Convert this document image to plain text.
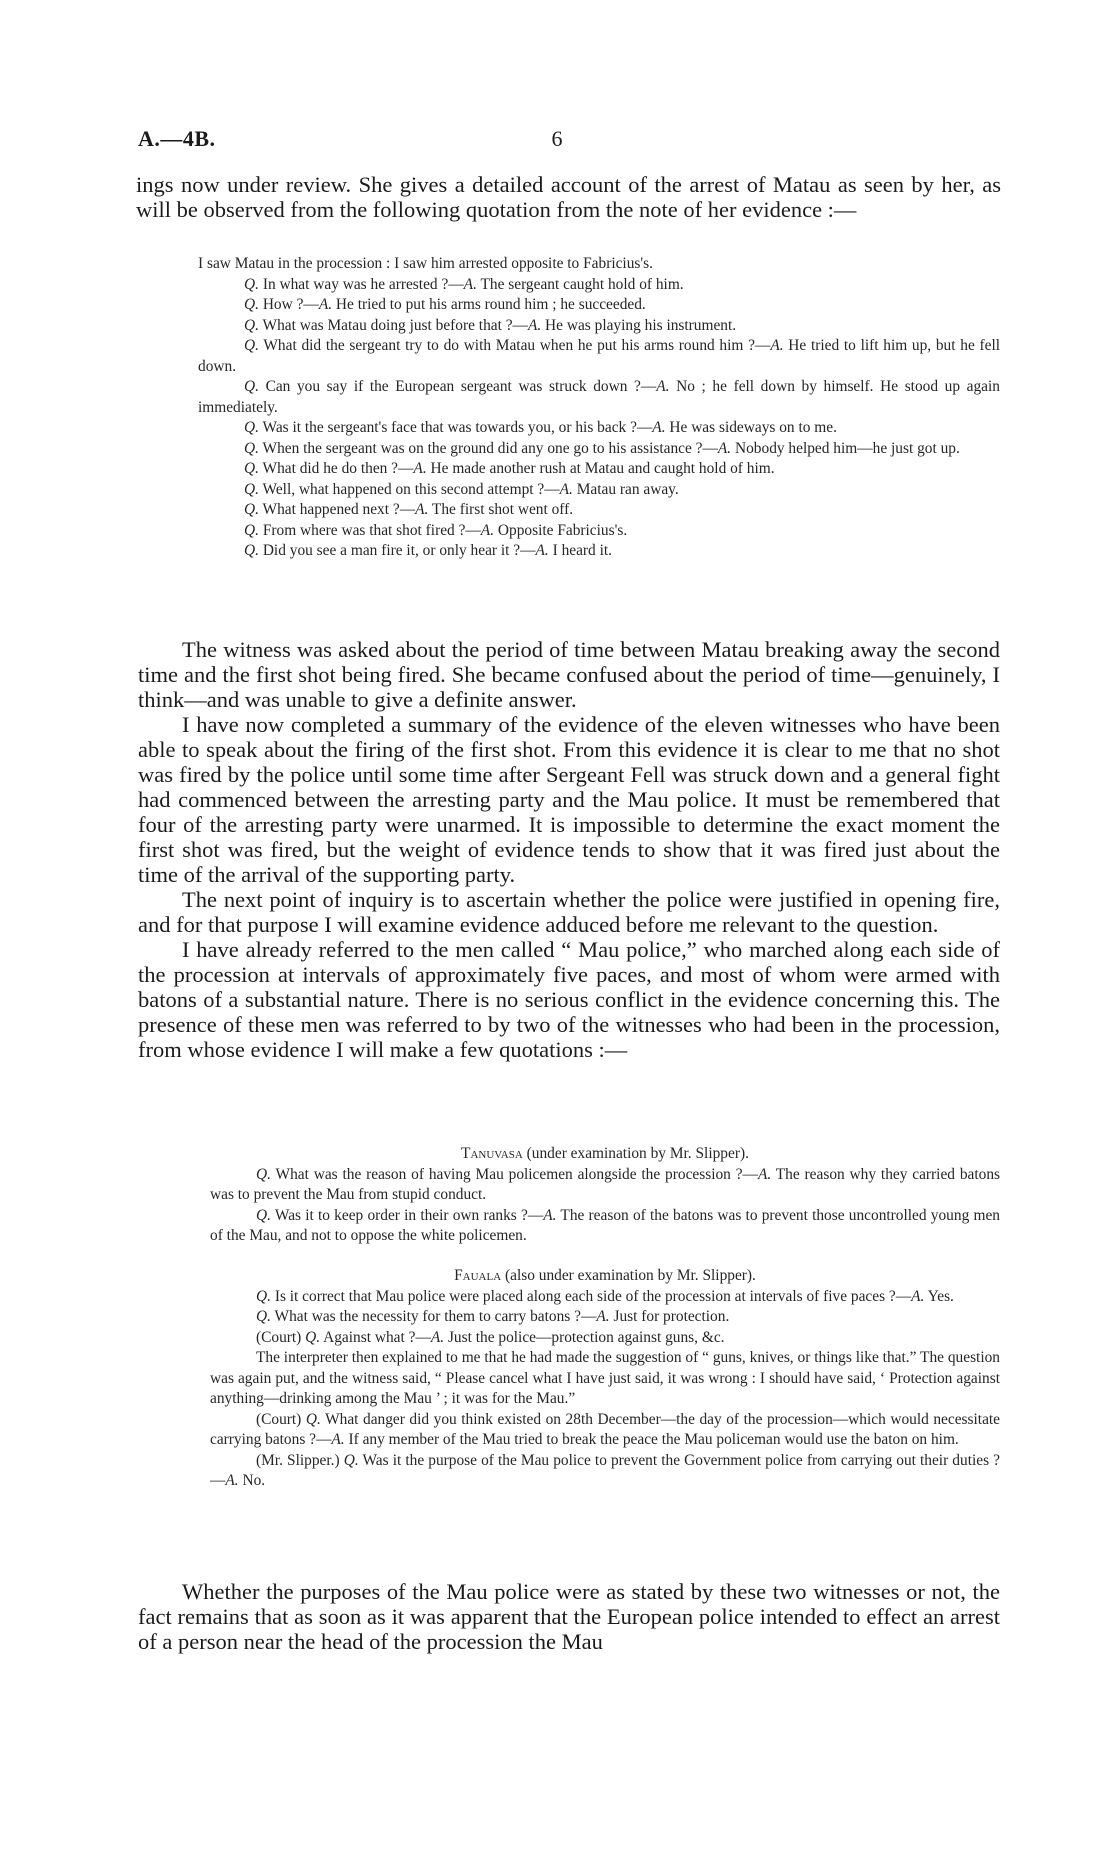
A.—4B.	6

ings now under review. She gives a detailed account of the arrest of Matau as seen by her, as will be observed from the following quotation from the note of her evidence :—

I saw Matau in the procession : I saw him arrested opposite to Fabricius's.

Q. In what way was he arrested ?—A. The sergeant caught hold of him.

Q. How ?—A. He tried to put his arms round him ; he succeeded.

Q. What was Matau doing just before that ?—A. He was playing his instrument.

Q. What did the sergeant try to do with Matau when he put his arms round him ?—A. He tried to lift him up, but he fell down.

Q. Can you say if the European sergeant was struck down ?—A. No ; he fell down by himself. He stood up again immediately.

Q. Was it the sergeant's face that was towards you, or his back ?—A. He was sideways on to me.

Q. When the sergeant was on the ground did any one go to his assistance ?—A. Nobody helped him—he just got up.

Q. What did he do then ?—A. He made another rush at Matau and caught hold of him.

Q. Well, what happened on this second attempt ?—A. Matau ran away.

Q. What happened next ?—A. The first shot went off.

Q. From where was that shot fired ?—A. Opposite Fabricius's.

Q. Did you see a man fire it, or only hear it ?—A. I heard it.

The witness was asked about the period of time between Matau breaking away the second time and the first shot being fired. She became confused about the period of time—genuinely, I think—and was unable to give a definite answer.

I have now completed a summary of the evidence of the eleven witnesses who have been able to speak about the firing of the first shot. From this evidence it is clear to me that no shot was fired by the police until some time after Sergeant Fell was struck down and a general fight had commenced between the arresting party and the Mau police. It must be remembered that four of the arresting party were unarmed. It is impossible to determine the exact moment the first shot was fired, but the weight of evidence tends to show that it was fired just about the time of the arrival of the supporting party.

The next point of inquiry is to ascertain whether the police were justified in opening fire, and for that purpose I will examine evidence adduced before me relevant to the question.

I have already referred to the men called “ Mau police,” who marched along each side of the procession at intervals of approximately five paces, and most of whom were armed with batons of a substantial nature. There is no serious conflict in the evidence concerning this. The presence of these men was referred to by two of the witnesses who had been in the procession, from whose evidence I will make a few quotations :—

Tanuvasa (under examination by Mr. Slipper).

Q. What was the reason of having Mau policemen alongside the procession ?—A. The reason why they carried batons was to prevent the Mau from stupid conduct.

Q. Was it to keep order in their own ranks ?—A. The reason of the batons was to prevent those uncontrolled young men of the Mau, and not to oppose the white policemen.

Fauala (also under examination by Mr. Slipper).

Q. Is it correct that Mau police were placed along each side of the procession at intervals of five paces ?—A. Yes.

Q. What was the necessity for them to carry batons ?—A. Just for protection.

(Court) Q. Against what ?—A. Just the police—protection against guns, &c.

The interpreter then explained to me that he had made the suggestion of “ guns, knives, or things like that.” The question was again put, and the witness said, “ Please cancel what I have just said, it was wrong : I should have said, ‘ Protection against anything—drinking among the Mau ’ ; it was for the Mau.”

(Court) Q. What danger did you think existed on 28th December—the day of the procession—which would necessitate carrying batons ?—A. If any member of the Mau tried to break the peace the Mau policeman would use the baton on him.

(Mr. Slipper.) Q. Was it the purpose of the Mau police to prevent the Government police from carrying out their duties ?—A. No.

Whether the purposes of the Mau police were as stated by these two witnesses or not, the fact remains that as soon as it was apparent that the European police intended to effect an arrest of a person near the head of the procession the Mau
